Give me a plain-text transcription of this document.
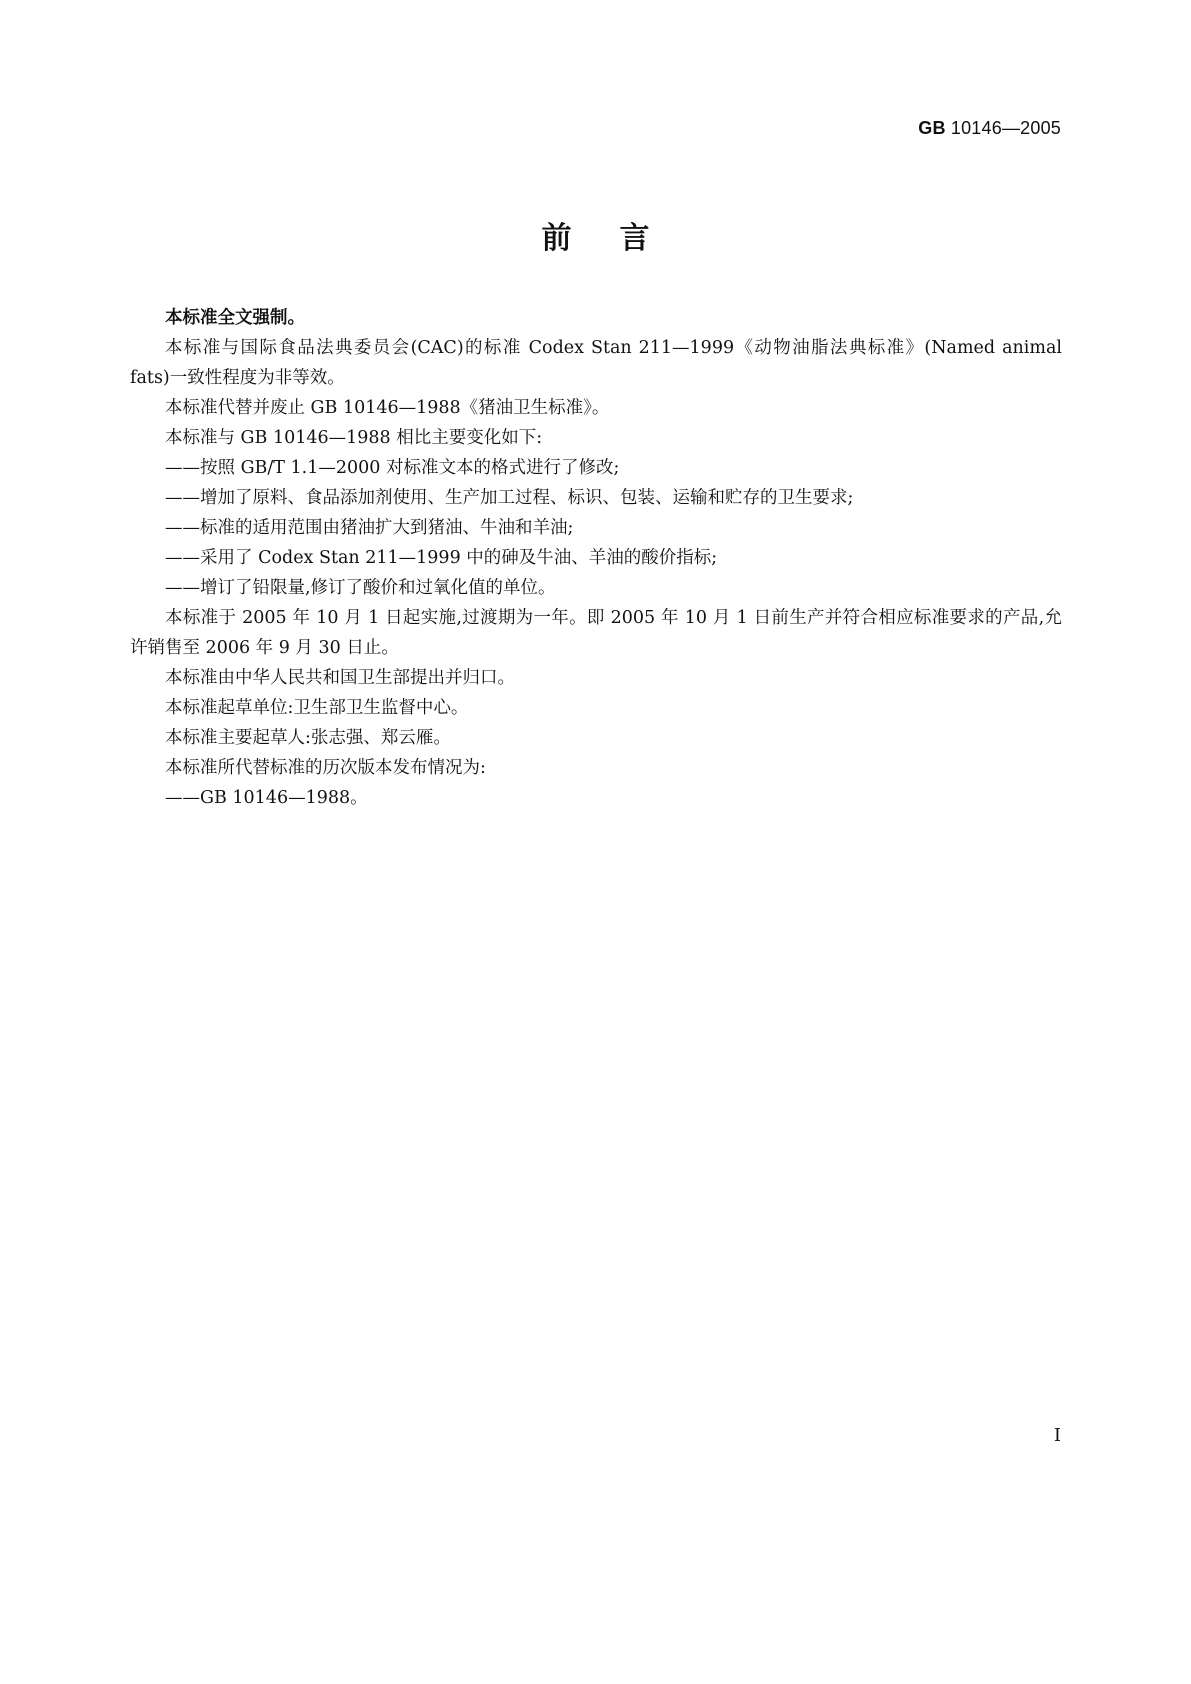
GB 10146—2005
前言

本标准全文强制。

本标准与国际食品法典委员会(CAC)的标准 Codex Stan 211—1999《动物油脂法典标准》(Named animal fats)一致性程度为非等效。

本标准代替并废止 GB 10146—1988《猪油卫生标准》。

本标准与 GB 10146—1988 相比主要变化如下:

——按照 GB/T 1.1—2000 对标准文本的格式进行了修改;

——增加了原料、食品添加剂使用、生产加工过程、标识、包装、运输和贮存的卫生要求;

——标准的适用范围由猪油扩大到猪油、牛油和羊油;

——采用了 Codex Stan 211—1999 中的砷及牛油、羊油的酸价指标;

——增订了铅限量,修订了酸价和过氧化值的单位。

本标准于 2005 年 10 月 1 日起实施,过渡期为一年。即 2005 年 10 月 1 日前生产并符合相应标准要求的产品,允许销售至 2006 年 9 月 30 日止。

本标准由中华人民共和国卫生部提出并归口。

本标准起草单位:卫生部卫生监督中心。

本标准主要起草人:张志强、郑云雁。

本标准所代替标准的历次版本发布情况为:

——GB 10146—1988。

I
